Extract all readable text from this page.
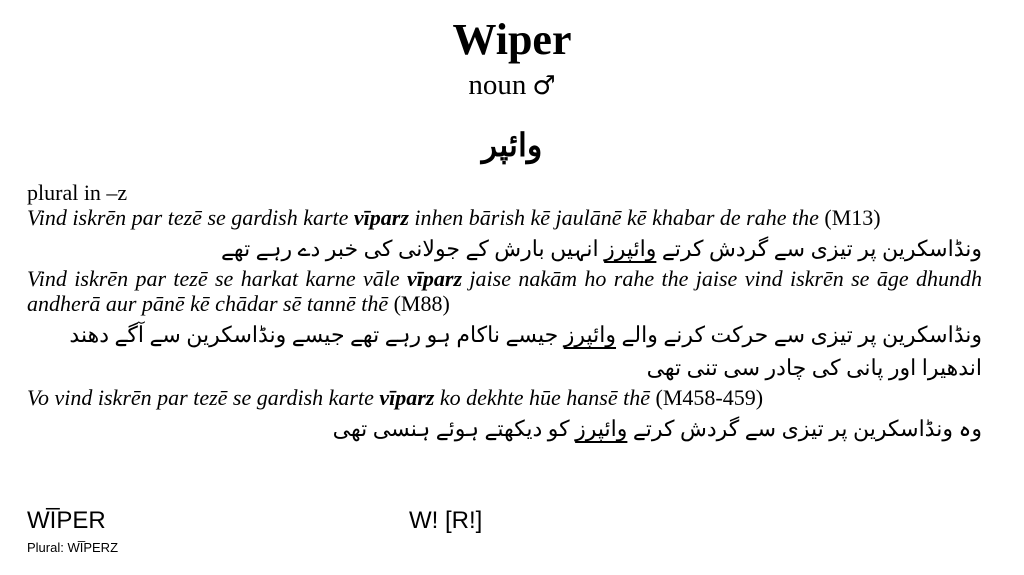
Wiper
noun ♂
وائپر
plural in –z
Vind iskrēn par tezē se gardish karte vīparz inhen bārish kē jaulānē kē khabar de rahe the (M13)
ونڈاسکرین پر تیزی سے گردش کرتے وائپرز انہیں بارش کے جولانی کی خبر دے رہے تھے
Vind iskrēn par tezē se harkat karne vāle vīparz jaise nakām ho rahe the jaise vind iskrēn se āge dhundh andherā aur pānē kē chādar sē tannē thē (M88)
ونڈاسکرین پر تیزی سے حرکت کرنے والے وائپرز جیسے ناکام ہو رہے تھے جیسے ونڈاسکرین سے آگے دھند اندھیرا اور پانی کی چادر سی تنی تھی
Vo vind iskrēn par tezē se gardish karte vīparz ko dekhte hūe hansē thē (M458-459)
وہ ونڈاسکرین پر تیزی سے گردش کرتے وائپرز کو دیکھتے ہوئے ہنسی تھی
WI̅PER
Plural: WI̅PERZ
W! [R!]
